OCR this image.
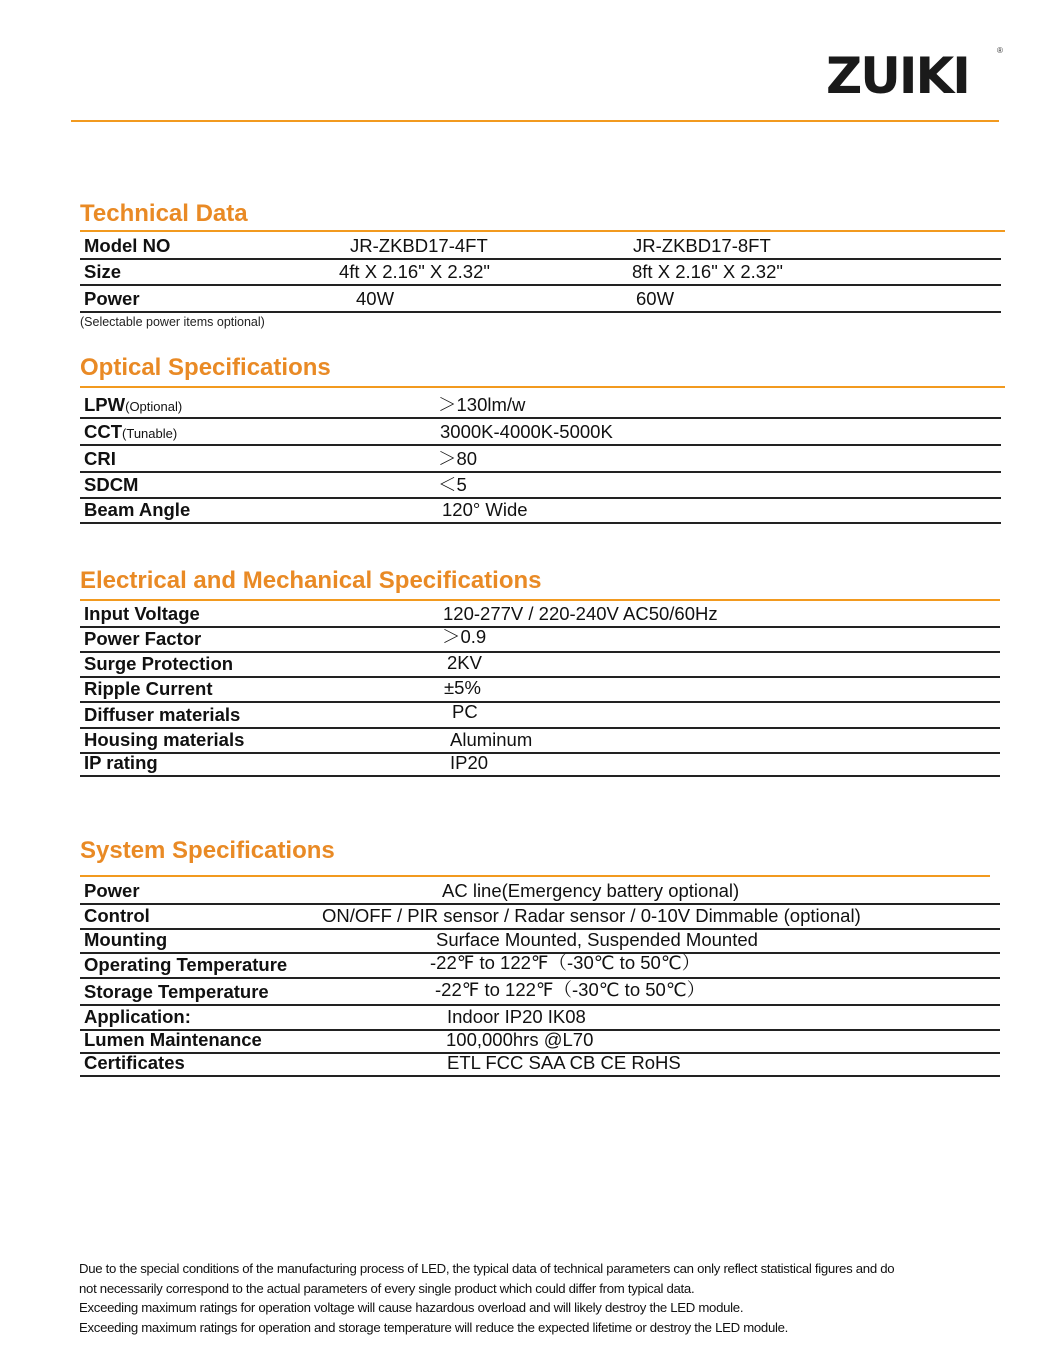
ZUIKI	®
Technical Data
Model NO	JR-ZKBD17-4FT	JR-ZKBD17-8FT
Size	4ft X 2.16" X 2.32"	8ft X 2.16" X 2.32"
Power	40W	60W
(Selectable power items optional)
Optical Specifications
LPW(Optional)	＞130lm/w
CCT(Tunable)	3000K-4000K-5000K
CRI	＞80
SDCM	＜5
Beam Angle	120° Wide
Electrical and Mechanical Specifications
Input Voltage	120-277V / 220-240V AC50/60Hz
Power Factor	＞0.9
Surge Protection	2KV
Ripple Current	±5%
Diffuser materials	PC
Housing materials	Aluminum
IP rating	IP20
System Specifications
Power	AC line(Emergency battery optional)
Control	ON/OFF / PIR sensor / Radar sensor / 0-10V Dimmable (optional)
Mounting	Surface Mounted, Suspended Mounted
Operating Temperature	-22℉ to 122℉（-30℃ to 50℃）
Storage Temperature	-22℉ to 122℉（-30℃ to 50℃）
Application:	Indoor IP20 IK08
Lumen Maintenance	100,000hrs @L70
Certificates	ETL FCC SAA CB CE RoHS
Due to the special conditions of the manufacturing process of LED, the typical data of technical parameters can only reflect statistical figures and do
not necessarily correspond to the actual parameters of every single product which could differ from typical data.
Exceeding maximum ratings for operation voltage will cause hazardous overload and will likely destroy the LED module.
Exceeding maximum ratings for operation and storage temperature will reduce the expected lifetime or destroy the LED module.
